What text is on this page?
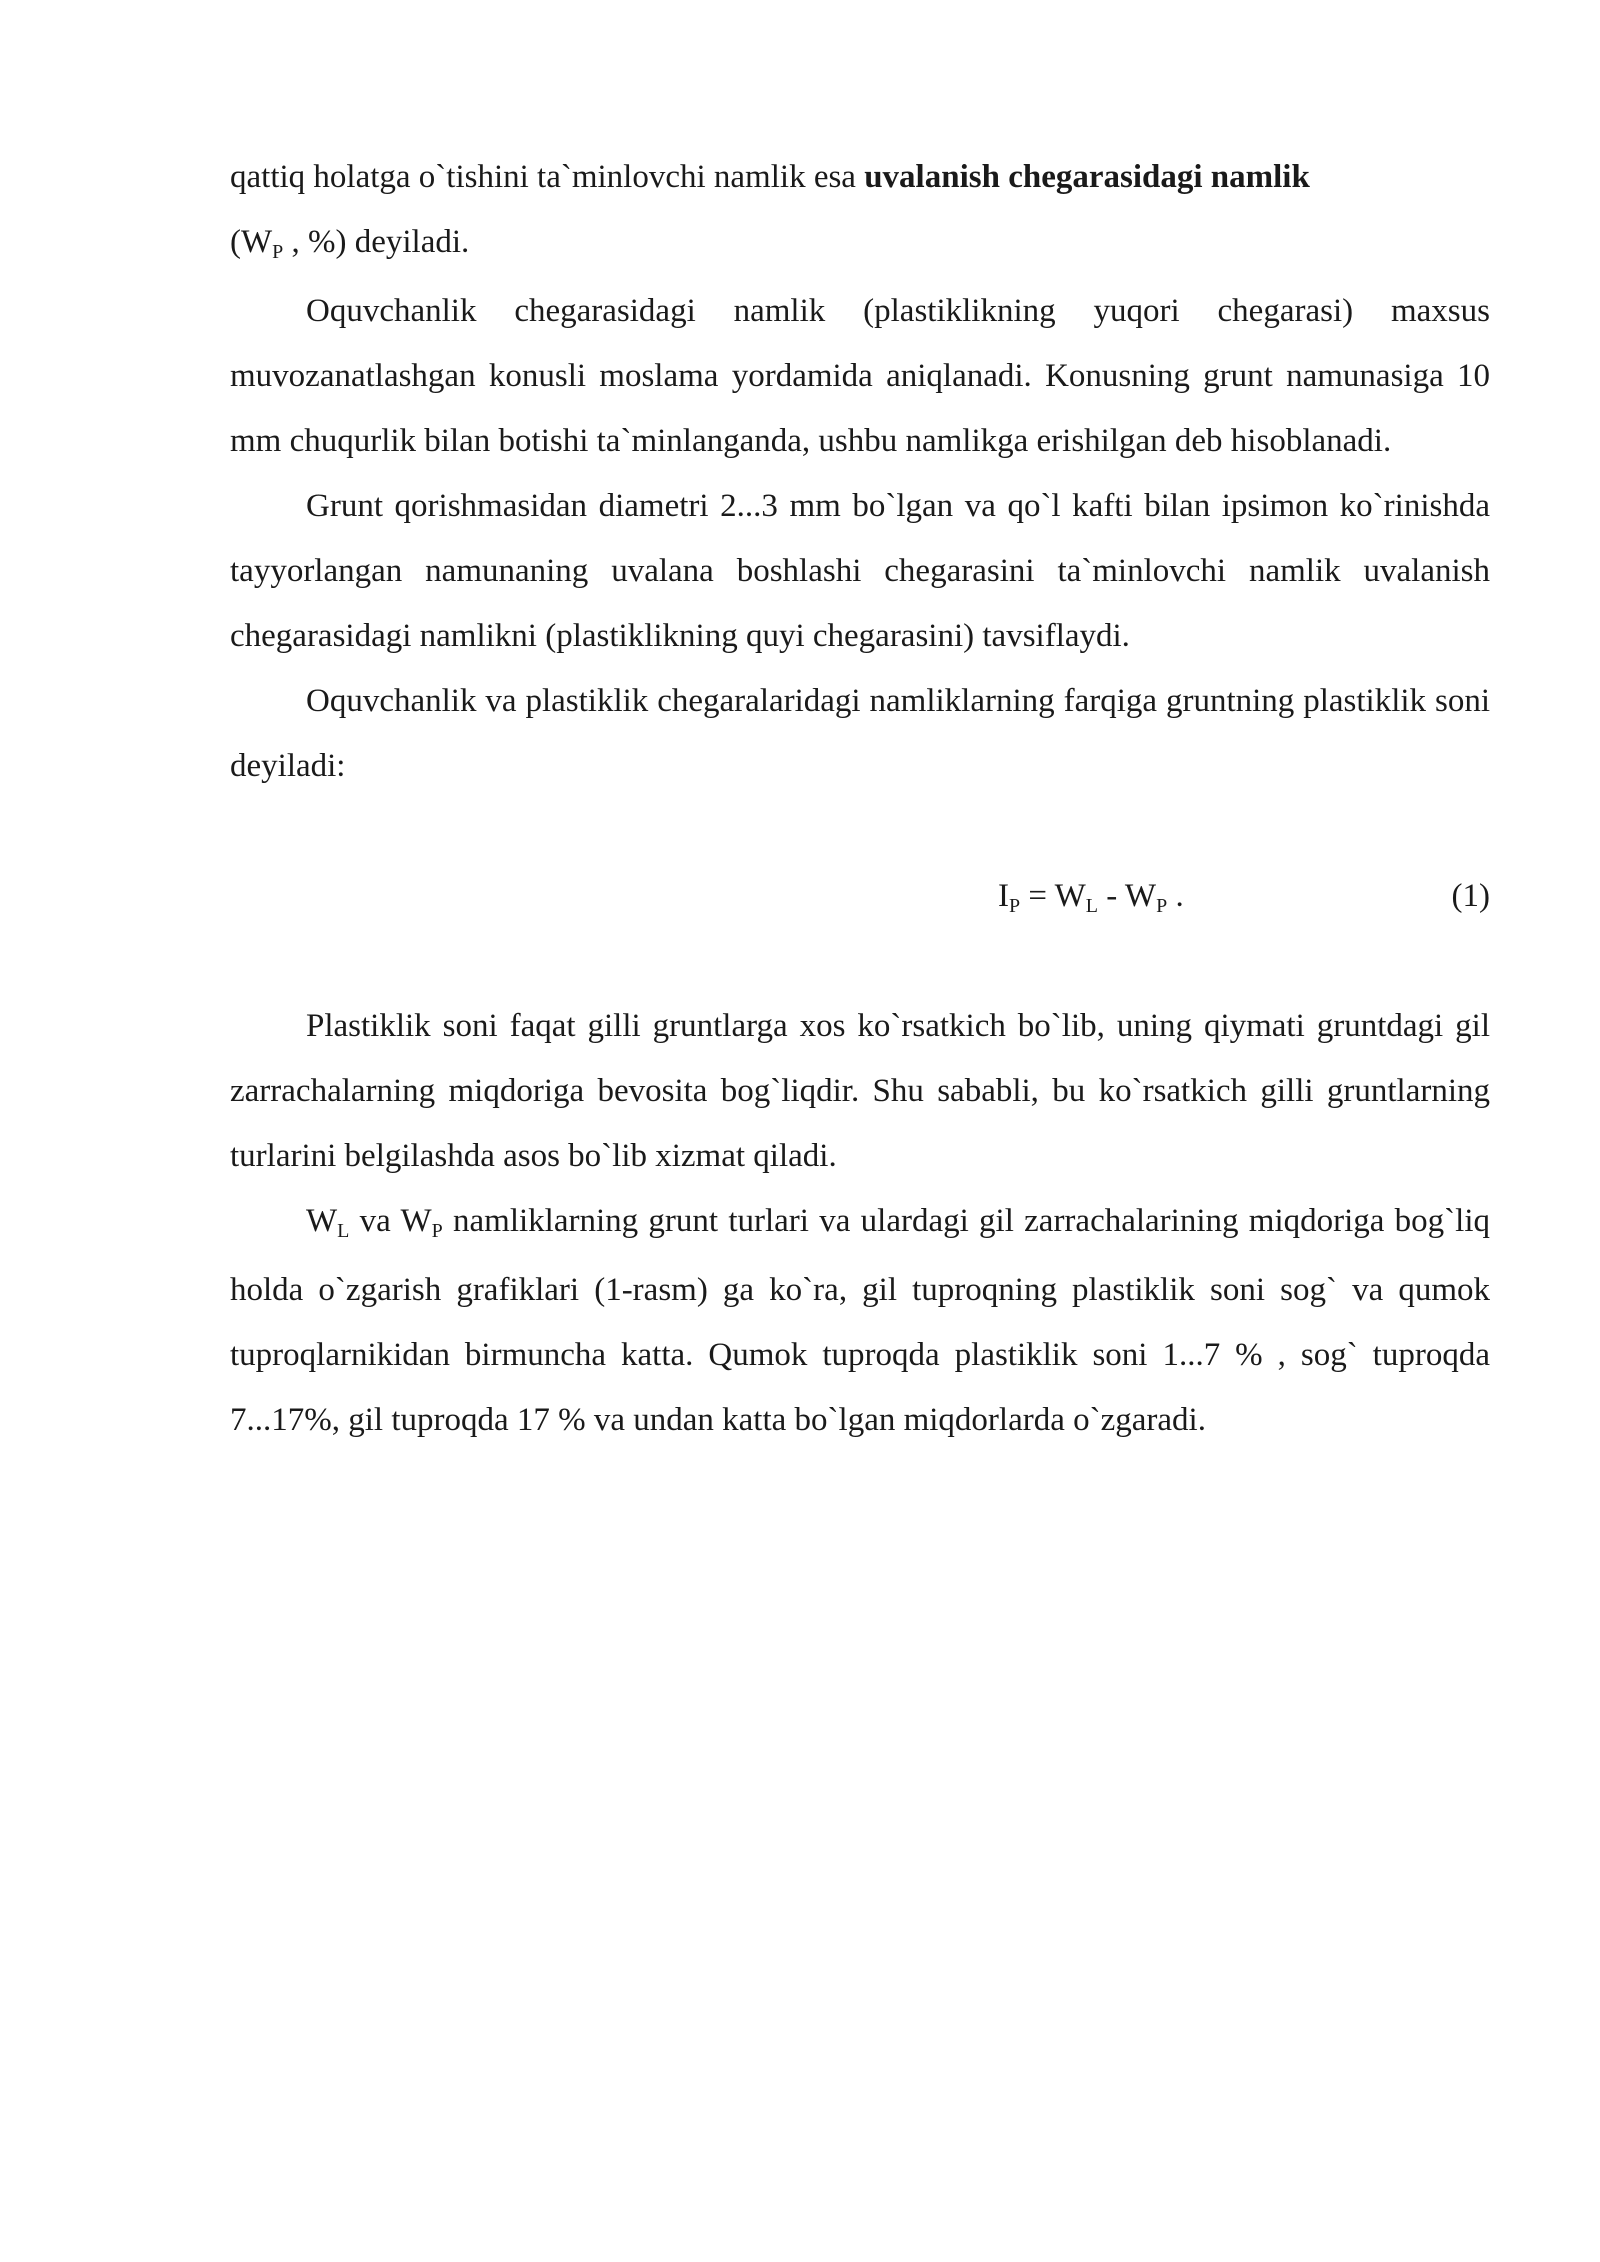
qattiq holatga o`tishini ta`minlovchi namlik esa uvalanish chegarasidagi namlik
(WP , %) deyiladi.

Oquvchanlik chegarasidagi namlik (plastiklikning yuqori chegarasi) maxsus muvozanatlashgan konusli moslama yordamida aniqlanadi. Konusning grunt namunasiga 10 mm chuqurlik bilan botishi ta`minlanganda, ushbu namlikga erishilgan deb hisoblanadi.

Grunt qorishmasidan diametri 2...3 mm bo`lgan va qo`l kafti bilan ipsimon ko`rinishda tayyorlangan namunaning uvalana boshlashi chegarasini ta`minlovchi namlik uvalanish chegarasidagi namlikni (plastiklikning quyi chegarasini) tavsiflaydi.

Oquvchanlik va plastiklik chegaralaridagi namliklarning farqiga gruntning plastiklik soni deyiladi:

IP = WL - WP .	(1)

Plastiklik soni faqat gilli gruntlarga xos ko`rsatkich bo`lib, uning qiymati gruntdagi gil zarrachalarning miqdoriga bevosita bog`liqdir. Shu sababli, bu ko`rsatkich gilli gruntlarning turlarini belgilashda asos bo`lib xizmat qiladi.

WL va WP namliklarning grunt turlari va ulardagi gil zarrachalarining miqdoriga bog`liq holda o`zgarish grafiklari (1-rasm) ga ko`ra, gil tuproqning plastiklik soni sog` va qumok tuproqlarnikidan birmuncha katta. Qumok tuproqda plastiklik soni 1...7 % , sog` tuproqda 7...17%, gil tuproqda 17 % va undan katta bo`lgan miqdorlarda o`zgaradi.
